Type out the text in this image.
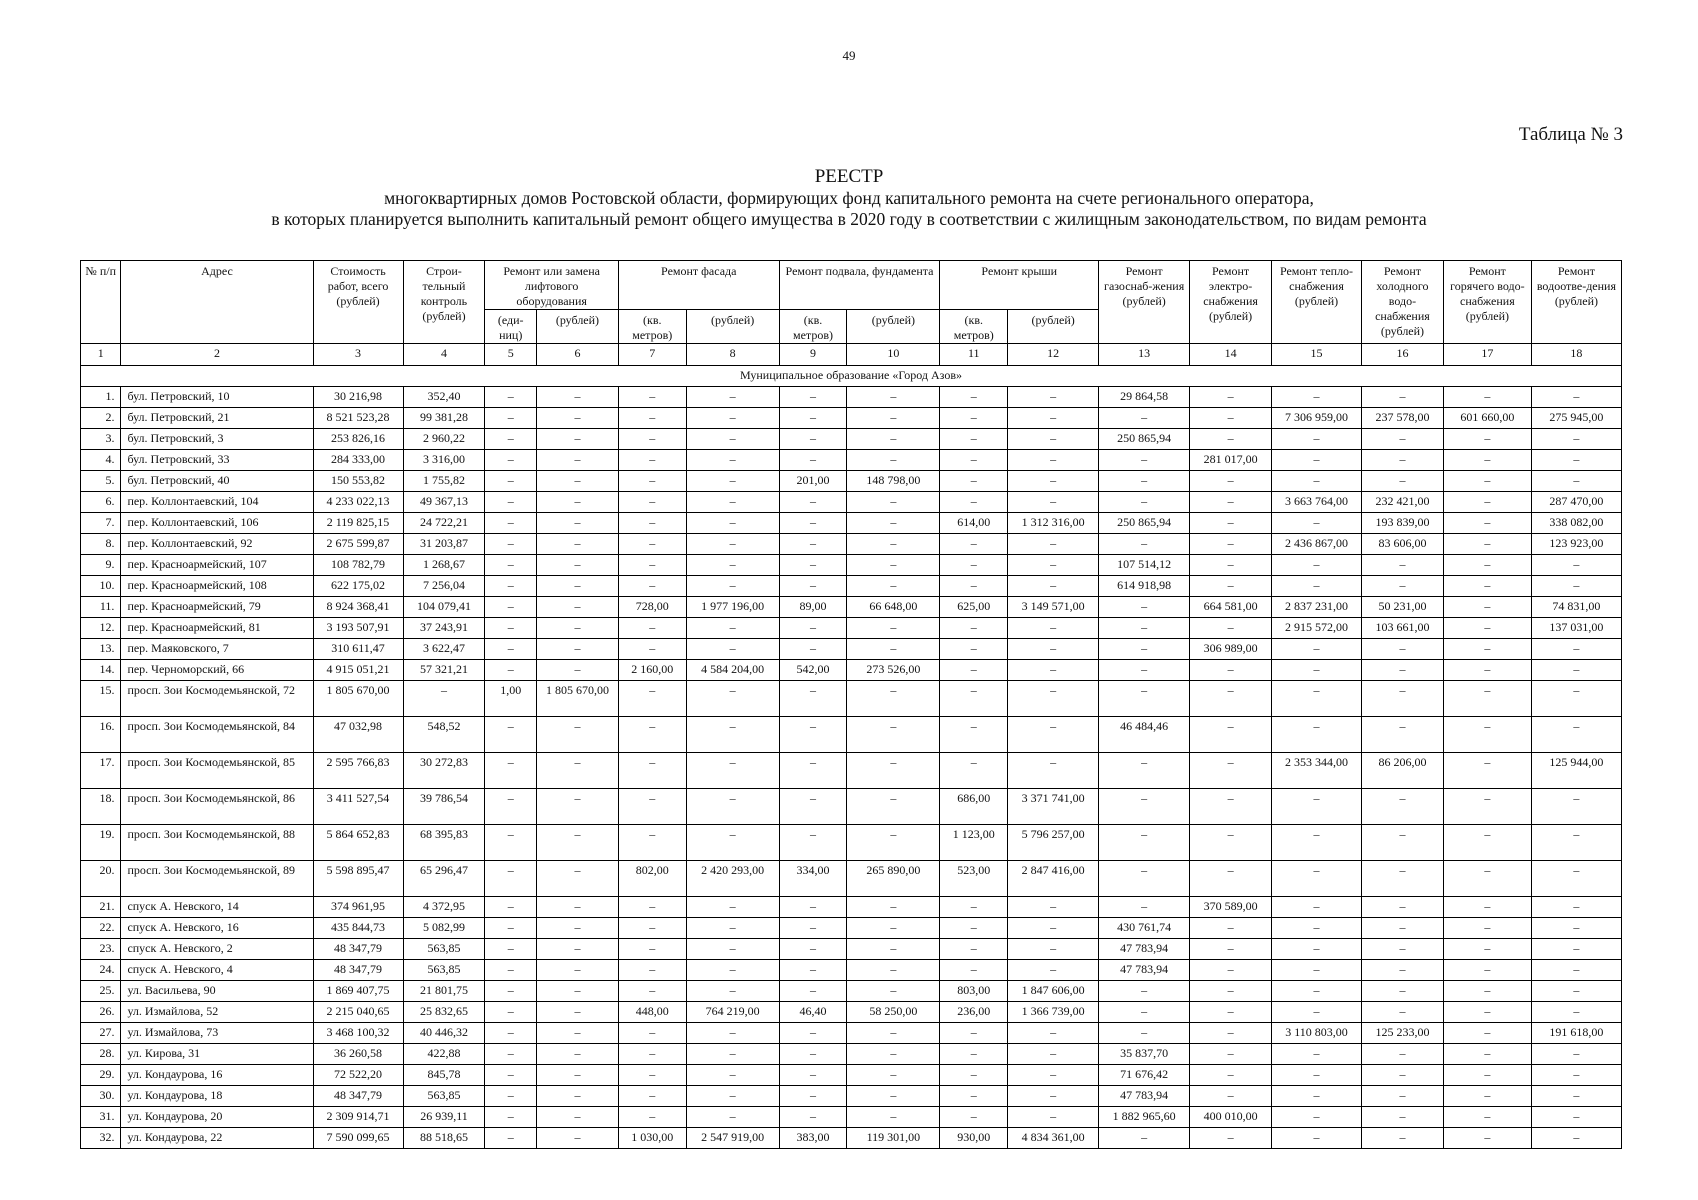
49
Таблица № 3
РЕЕСТР
многоквартирных домов Ростовской области, формирующих фонд капитального ремонта на счете регионального оператора,
в которых планируется выполнить капитальный ремонт общего имущества в 2020 году в соответствии с жилищным законодательством, по видам ремонта
№ п/п	Адрес	Стоимость работ, всего (рублей)	Строи-тельный контроль (рублей)	Ремонт или замена лифтового оборудования		Ремонт фасада		Ремонт подвала, фундамента		Ремонт крыши		Ремонт газоснаб-жения (рублей)	Ремонт электро-снабжения (рублей)	Ремонт тепло-снабжения (рублей)	Ремонт холодного водо-снабжения (рублей)	Ремонт горячего водо-снабжения (рублей)	Ремонт водоотве-дения (рублей)
				(еди-ниц)	(рублей)	(кв. метров)	(рублей)	(кв. метров)	(рублей)	(кв. метров)	(рублей)						
1	2	3	4	5	6	7	8	9	10	11	12	13	14	15	16	17	18
Муниципальное образование «Город Азов»																	
1.	бул. Петровский, 10	30 216,98	352,40	–	–	–	–	–	–	–	–	29 864,58	–	–	–	–	–
2.	бул. Петровский, 21	8 521 523,28	99 381,28	–	–	–	–	–	–	–	–	–	–	7 306 959,00	237 578,00	601 660,00	275 945,00
3.	бул. Петровский, 3	253 826,16	2 960,22	–	–	–	–	–	–	–	–	250 865,94	–	–	–	–	–
4.	бул. Петровский, 33	284 333,00	3 316,00	–	–	–	–	–	–	–	–	–	281 017,00	–	–	–	–
5.	бул. Петровский, 40	150 553,82	1 755,82	–	–	–	–	201,00	148 798,00	–	–	–	–	–	–	–	–
6.	пер. Коллонтаевский, 104	4 233 022,13	49 367,13	–	–	–	–	–	–	–	–	–	–	3 663 764,00	232 421,00	–	287 470,00
7.	пер. Коллонтаевский, 106	2 119 825,15	24 722,21	–	–	–	–	–	–	614,00	1 312 316,00	250 865,94	–	–	193 839,00	–	338 082,00
8.	пер. Коллонтаевский, 92	2 675 599,87	31 203,87	–	–	–	–	–	–	–	–	–	–	2 436 867,00	83 606,00	–	123 923,00
9.	пер. Красноармейский, 107	108 782,79	1 268,67	–	–	–	–	–	–	–	–	107 514,12	–	–	–	–	–
10.	пер. Красноармейский, 108	622 175,02	7 256,04	–	–	–	–	–	–	–	–	614 918,98	–	–	–	–	–
11.	пер. Красноармейский, 79	8 924 368,41	104 079,41	–	–	728,00	1 977 196,00	89,00	66 648,00	625,00	3 149 571,00	–	664 581,00	2 837 231,00	50 231,00	–	74 831,00
12.	пер. Красноармейский, 81	3 193 507,91	37 243,91	–	–	–	–	–	–	–	–	–	–	2 915 572,00	103 661,00	–	137 031,00
13.	пер. Маяковского, 7	310 611,47	3 622,47	–	–	–	–	–	–	–	–	–	306 989,00	–	–	–	–
14.	пер. Черноморский, 66	4 915 051,21	57 321,21	–	–	2 160,00	4 584 204,00	542,00	273 526,00	–	–	–	–	–	–	–	–
15.	просп. Зои Космодемьянской, 72	1 805 670,00	–	1,00	1 805 670,00	–	–	–	–	–	–	–	–	–	–	–	–
16.	просп. Зои Космодемьянской, 84	47 032,98	548,52	–	–	–	–	–	–	–	–	46 484,46	–	–	–	–	–
17.	просп. Зои Космодемьянской, 85	2 595 766,83	30 272,83	–	–	–	–	–	–	–	–	–	–	2 353 344,00	86 206,00	–	125 944,00
18.	просп. Зои Космодемьянской, 86	3 411 527,54	39 786,54	–	–	–	–	–	–	686,00	3 371 741,00	–	–	–	–	–	–
19.	просп. Зои Космодемьянской, 88	5 864 652,83	68 395,83	–	–	–	–	–	–	1 123,00	5 796 257,00	–	–	–	–	–	–
20.	просп. Зои Космодемьянской, 89	5 598 895,47	65 296,47	–	–	802,00	2 420 293,00	334,00	265 890,00	523,00	2 847 416,00	–	–	–	–	–	–
21.	спуск А. Невского, 14	374 961,95	4 372,95	–	–	–	–	–	–	–	–	–	370 589,00	–	–	–	–
22.	спуск А. Невского, 16	435 844,73	5 082,99	–	–	–	–	–	–	–	–	430 761,74	–	–	–	–	–
23.	спуск А. Невского, 2	48 347,79	563,85	–	–	–	–	–	–	–	–	47 783,94	–	–	–	–	–
24.	спуск А. Невского, 4	48 347,79	563,85	–	–	–	–	–	–	–	–	47 783,94	–	–	–	–	–
25.	ул. Васильева, 90	1 869 407,75	21 801,75	–	–	–	–	–	–	803,00	1 847 606,00	–	–	–	–	–	–
26.	ул. Измайлова, 52	2 215 040,65	25 832,65	–	–	448,00	764 219,00	46,40	58 250,00	236,00	1 366 739,00	–	–	–	–	–	–
27.	ул. Измайлова, 73	3 468 100,32	40 446,32	–	–	–	–	–	–	–	–	–	–	3 110 803,00	125 233,00	–	191 618,00
28.	ул. Кирова, 31	36 260,58	422,88	–	–	–	–	–	–	–	–	35 837,70	–	–	–	–	–
29.	ул. Кондаурова, 16	72 522,20	845,78	–	–	–	–	–	–	–	–	71 676,42	–	–	–	–	–
30.	ул. Кондаурова, 18	48 347,79	563,85	–	–	–	–	–	–	–	–	47 783,94	–	–	–	–	–
31.	ул. Кондаурова, 20	2 309 914,71	26 939,11	–	–	–	–	–	–	–	–	1 882 965,60	400 010,00	–	–	–	–
32.	ул. Кондаурова, 22	7 590 099,65	88 518,65	–	–	1 030,00	2 547 919,00	383,00	119 301,00	930,00	4 834 361,00	–	–	–	–	–	–
